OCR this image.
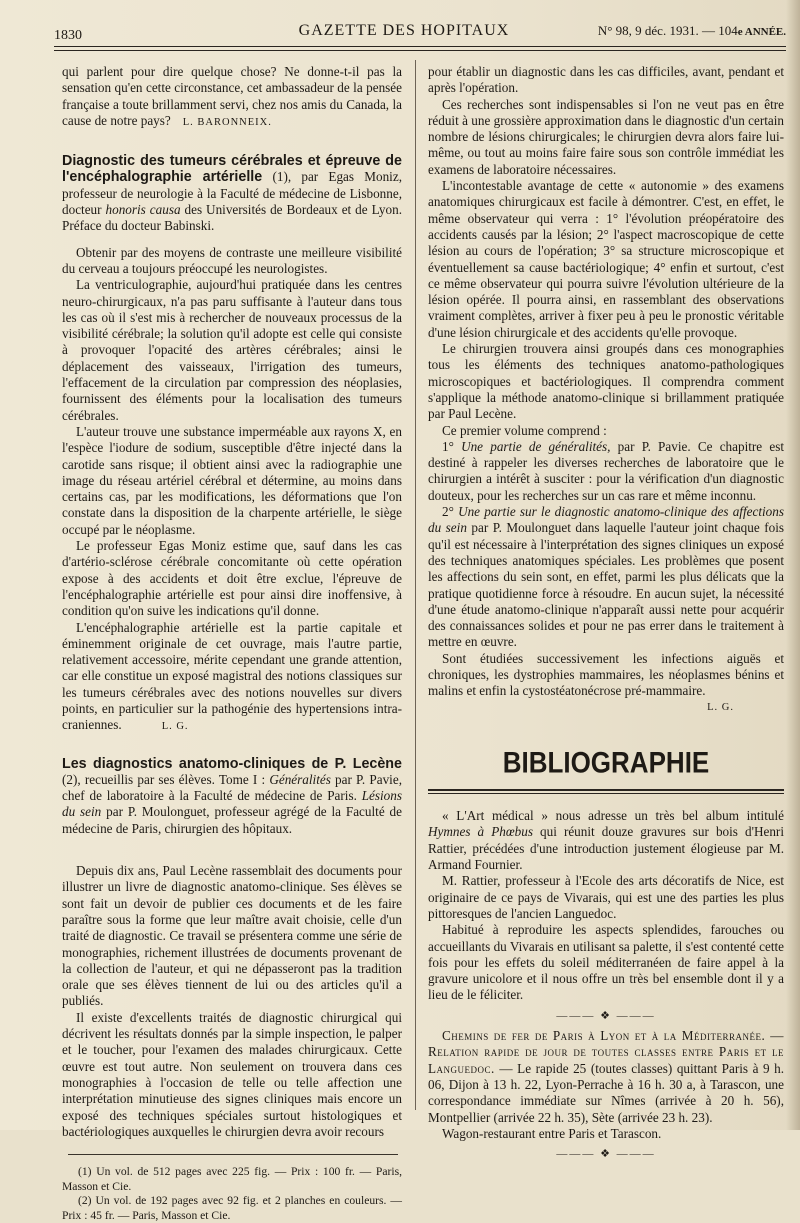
1830	GAZETTE DES HOPITAUX	N° 98, 9 déc. 1931. — 104e ANNÉE.

qui parlent pour dire quelque chose? Ne donne-t-il pas la sensation qu'en cette circonstance, cet ambassadeur de la pensée française a toute brillamment servi, chez nos amis du Canada, la cause de notre pays? L. BARONNEIX.

Diagnostic des tumeurs cérébrales et épreuve de l'encéphalographie artérielle (1), par Egas Moniz, professeur de neurologie à la Faculté de médecine de Lisbonne, docteur honoris causa des Universités de Bordeaux et de Lyon. Préface du docteur Babinski.

Obtenir par des moyens de contraste une meilleure visibilité du cerveau a toujours préoccupé les neurologistes.

La ventriculographie, aujourd'hui pratiquée dans les centres neuro-chirurgicaux, n'a pas paru suffisante à l'auteur dans tous les cas où il s'est mis à rechercher de nouveaux processus de la visibilité cérébrale; la solution qu'il adopte est celle qui consiste à provoquer l'opacité des artères cérébrales; ainsi le déplacement des vaisseaux, l'irrigation des tumeurs, l'effacement de la circulation par compression des néoplasies, fournissent des éléments pour la localisation des tumeurs cérébrales.

L'auteur trouve une substance imperméable aux rayons X, en l'espèce l'iodure de sodium, susceptible d'être injecté dans la carotide sans risque; il obtient ainsi avec la radiographie une image du réseau artériel cérébral et détermine, au moins dans certains cas, par les modifications, les déformations que l'on constate dans la disposition de la charpente artérielle, le siège occupé par le néoplasme.

Le professeur Egas Moniz estime que, sauf dans les cas d'artério-sclérose cérébrale concomitante où cette opération expose à des accidents et doit être exclue, l'épreuve de l'encéphalographie artérielle est pour ainsi dire inoffensive, à condition qu'on suive les indications qu'il donne.

L'encéphalographie artérielle est la partie capitale et éminemment originale de cet ouvrage, mais l'autre partie, relativement accessoire, mérite cependant une grande attention, car elle constitue un exposé magistral des notions classiques sur les tumeurs cérébrales avec des notions nouvelles sur divers points, en particulier sur la pathogénie des hypertensions intra-craniennes.	L. G.

Les diagnostics anatomo-cliniques de P. Lecène (2), recueillis par ses élèves. Tome I : Généralités par P. Pavie, chef de laboratoire à la Faculté de médecine de Paris. Lésions du sein par P. Moulonguet, professeur agrégé de la Faculté de médecine de Paris, chirurgien des hôpitaux.

Depuis dix ans, Paul Lecène rassemblait des documents pour illustrer un livre de diagnostic anatomo-clinique. Ses élèves se sont fait un devoir de publier ces documents et de les faire paraître sous la forme que leur maître avait choisie, celle d'un traité de diagnostic. Ce travail se présentera comme une série de monographies, richement illustrées de documents provenant de la collection de l'auteur, et qui ne dépasseront pas la tradition orale que ses élèves tiennent de lui ou des articles qu'il a publiés.

Il existe d'excellents traités de diagnostic chirurgical qui décrivent les résultats donnés par la simple inspection, le palper et le toucher, pour l'examen des malades chirurgicaux. Cette œuvre est tout autre. Non seulement on trouvera dans ces monographies à l'occasion de telle ou telle affection une interprétation minutieuse des signes cliniques mais encore un exposé des techniques spéciales surtout histologiques et bactériologiques auxquelles le chirurgien devra avoir recours

(1) Un vol. de 512 pages avec 225 fig. — Prix : 100 fr. — Paris, Masson et Cie.

(2) Un vol. de 192 pages avec 92 fig. et 2 planches en couleurs. — Prix : 45 fr. — Paris, Masson et Cie.

pour établir un diagnostic dans les cas difficiles, avant, pendant et après l'opération.

Ces recherches sont indispensables si l'on ne veut pas en être réduit à une grossière approximation dans le diagnostic d'un certain nombre de lésions chirurgicales; le chirurgien devra alors faire lui-même, ou tout au moins faire faire sous son contrôle immédiat les examens de laboratoire nécessaires.

L'incontestable avantage de cette « autonomie » des examens anatomiques chirurgicaux est facile à démontrer. C'est, en effet, le même observateur qui verra : 1° l'évolution préopératoire des accidents causés par la lésion; 2° l'aspect macroscopique de cette lésion au cours de l'opération; 3° sa structure microscopique et éventuellement sa cause bactériologique; 4° enfin et surtout, c'est ce même observateur qui pourra suivre l'évolution ultérieure de la lésion opérée. Il pourra ainsi, en rassemblant des observations vraiment complètes, arriver à fixer peu à peu le pronostic véritable d'une lésion chirurgicale et des accidents qu'elle provoque.

Le chirurgien trouvera ainsi groupés dans ces monographies tous les éléments des techniques anatomo-pathologiques microscopiques et bactériologiques. Il comprendra comment s'applique la méthode anatomo-clinique si brillamment pratiquée par Paul Lecène.

Ce premier volume comprend :

1° Une partie de généralités, par P. Pavie. Ce chapitre est destiné à rappeler les diverses recherches de laboratoire que le chirurgien a intérêt à susciter : pour la vérification d'un diagnostic douteux, pour les recherches sur un cas rare et même inconnu.

2° Une partie sur le diagnostic anatomo-clinique des affections du sein par P. Moulonguet dans laquelle l'auteur joint chaque fois qu'il est nécessaire à l'interprétation des signes cliniques un exposé des techniques anatomiques spéciales. Les problèmes que posent les affections du sein sont, en effet, parmi les plus délicats que la pratique quotidienne force à résoudre. En aucun sujet, la nécessité d'une étude anatomo-clinique n'apparaît aussi nette pour acquérir des connaissances solides et pour ne pas errer dans le traitement à mettre en œuvre.

Sont étudiées successivement les infections aiguës et chroniques, les dystrophies mammaires, les néoplasmes bénins et malins et enfin la cystostéatonécrose pré-mammaire.

L. G.
BIBLIOGRAPHIE

« L'Art médical » nous adresse un très bel album intitulé Hymnes à Phœbus qui réunit douze gravures sur bois d'Henri Rattier, précédées d'une introduction justement élogieuse par M. Armand Fournier.

M. Rattier, professeur à l'Ecole des arts décoratifs de Nice, est originaire de ce pays de Vivarais, qui est une des parties les plus pittoresques de l'ancien Languedoc.

Habitué à reproduire les aspects splendides, farouches ou accueillants du Vivarais en utilisant sa palette, il s'est contenté cette fois pour les effets du soleil méditerranéen de faire appel à la gravure unicolore et il nous offre un très bel ensemble dont il y a lieu de le féliciter.

——— ❖ ———

Chemins de fer de Paris à Lyon et à la Méditerranée. — Relation rapide de jour de toutes classes entre Paris et le Languedoc. — Le rapide 25 (toutes classes) quittant Paris à 9 h. 06, Dijon à 13 h. 22, Lyon-Perrache à 16 h. 30 a, à Tarascon, une correspondance immédiate sur Nîmes (arrivée à 20 h. 56), Montpellier (arrivée 22 h. 35), Sète (arrivée 23 h. 23).

Wagon-restaurant entre Paris et Tarascon.

——— ❖ ———
